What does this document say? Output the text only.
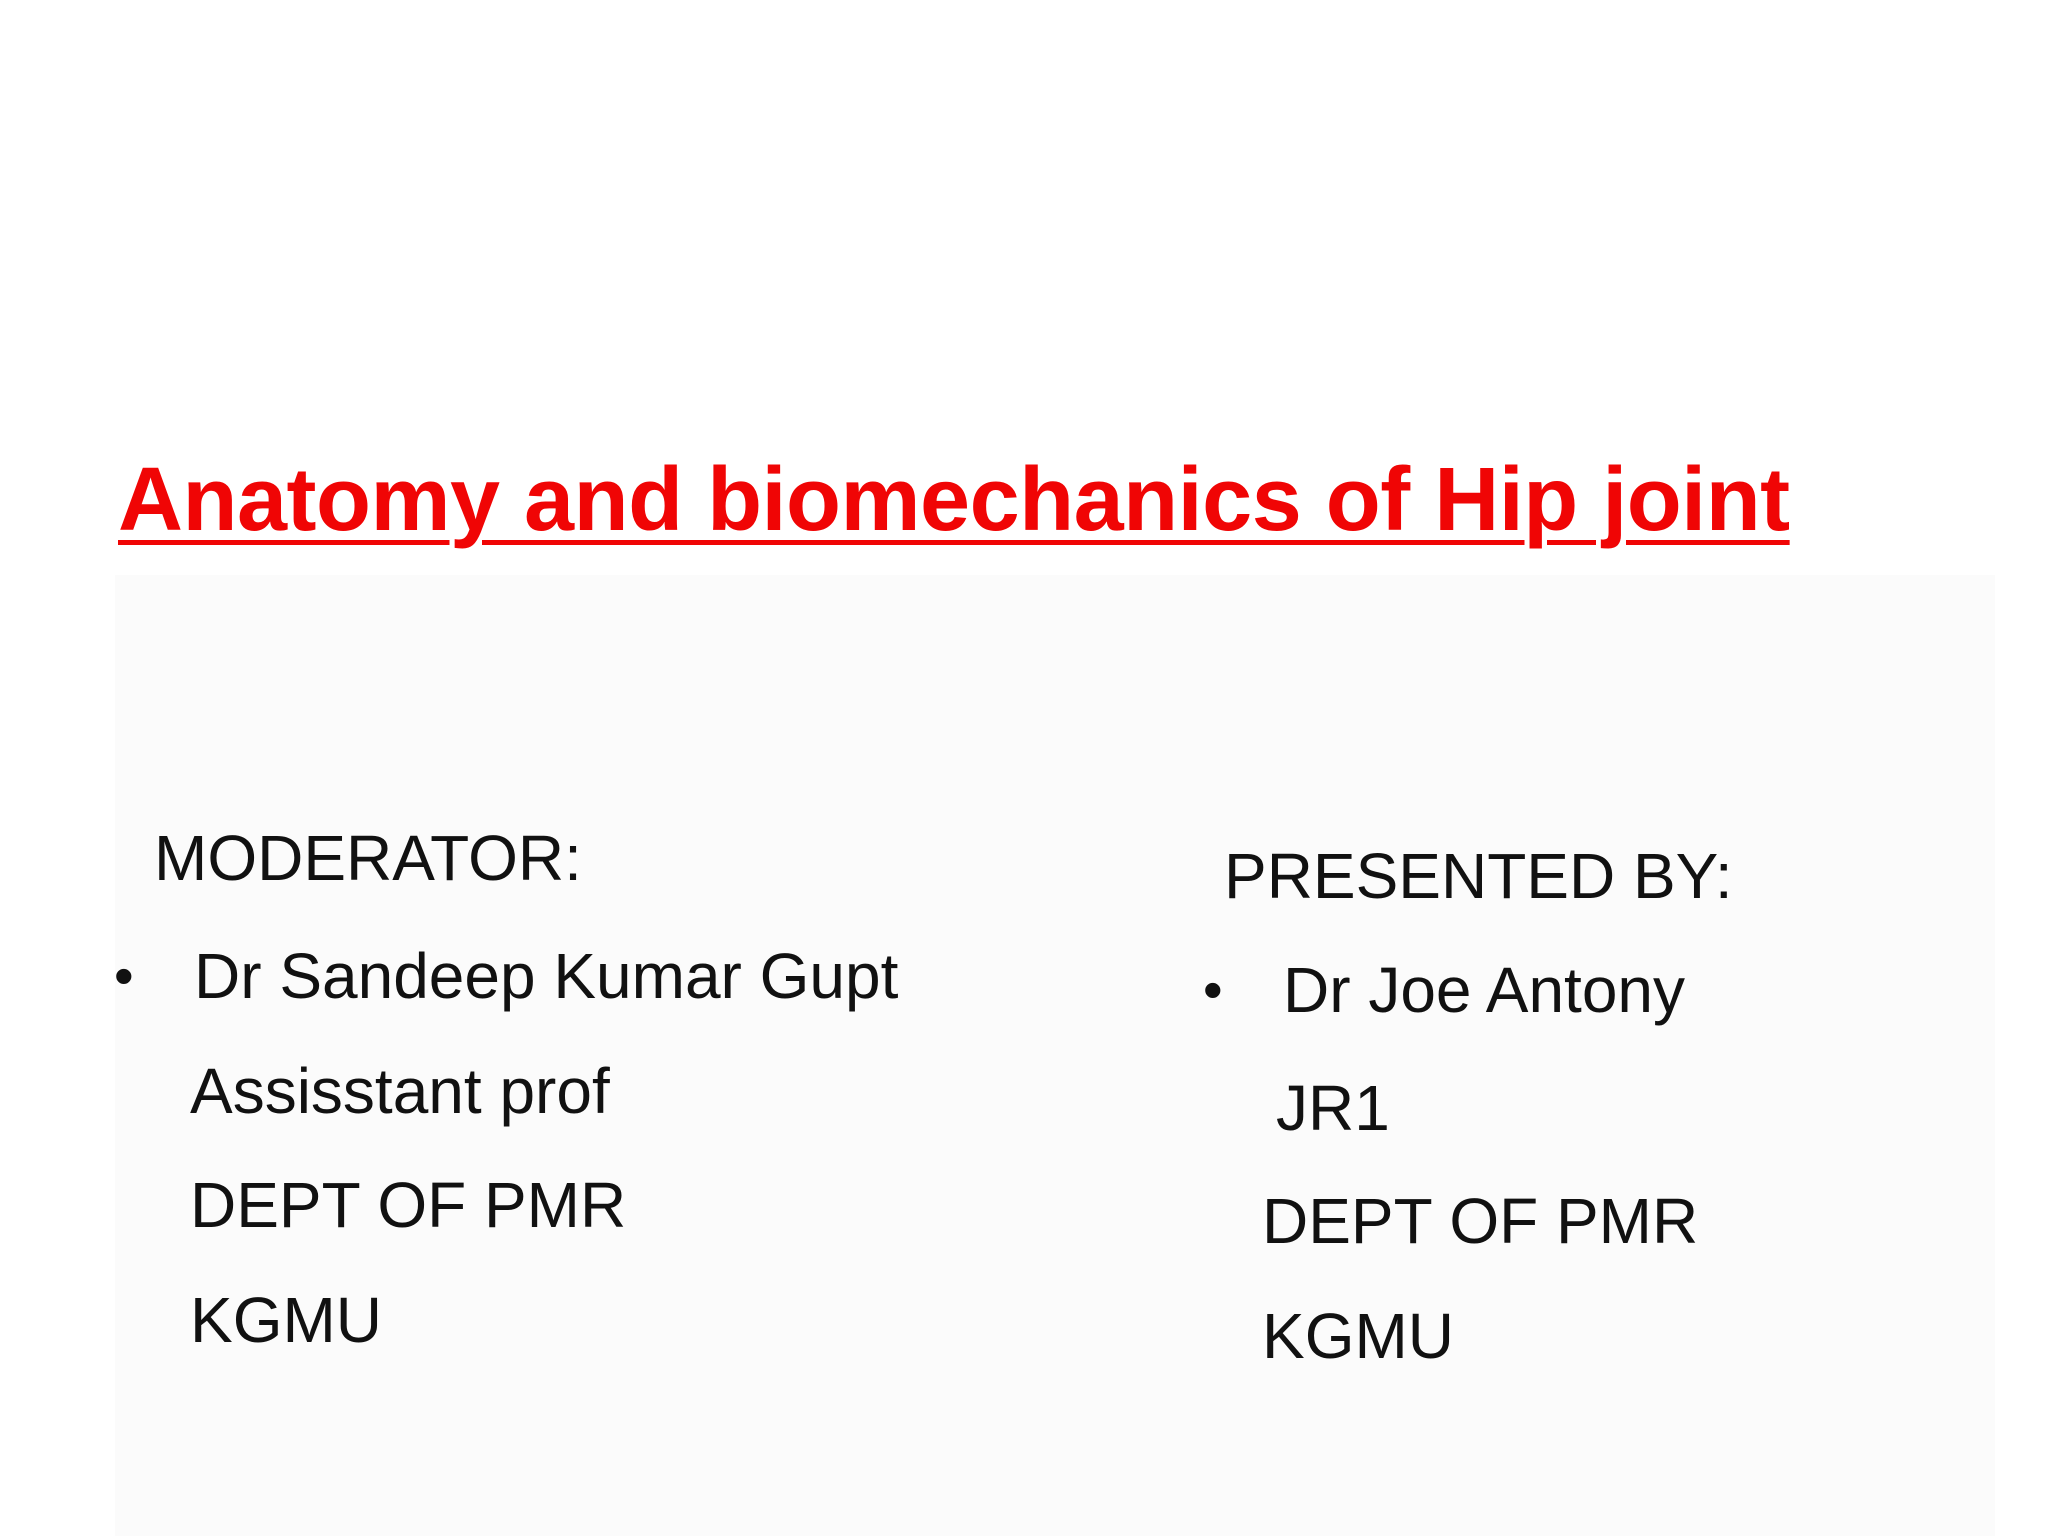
Anatomy and biomechanics of Hip joint
MODERATOR:
• Dr Sandeep Kumar Gupt
Assisstant prof
DEPT OF PMR
KGMU
PRESENTED BY:
• Dr Joe Antony
JR1
DEPT OF PMR
KGMU
